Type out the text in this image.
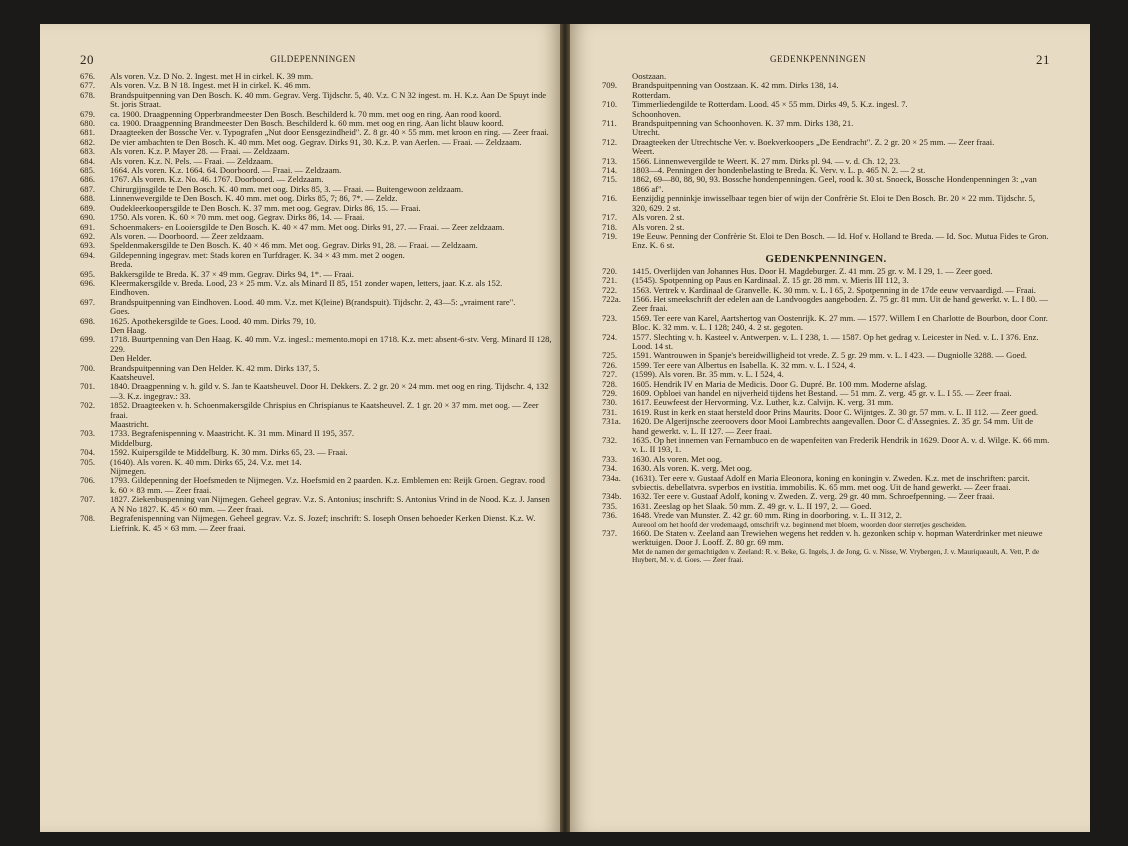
20	GILDEPENNINGEN
676. Als voren. V.z. D No. 2. Ingest. met H in cirkel. K. 39 mm.
677. Als voren. V.z. B N 18. Ingest. met H in cirkel. K. 46 mm.
678. Brandspuitpenning van Den Bosch. K. 40 mm. Gegrav. Verg. Tijdschr. 5, 40. V.z. C N 32 ingest. m. H. K.z. Aan De Spuyt inde St. joris Straat.
679. ca. 1900. Draagpenning Opperbrandmeester Den Bosch. Beschilderd k. 70 mm. met oog en ring. Aan rood koord.
680. ca. 1900. Draagpenning Brandmeester Den Bosch. Beschilderd k. 60 mm. met oog en ring. Aan licht blauw koord.
681. Draagteeken der Bossche Ver. v. Typografen „Nut door Eensgezindheid". Z. 8 gr. 40 × 55 mm. met kroon en ring. — Zeer fraai.
682. De vier ambachten te Den Bosch. K. 40 mm. Met oog. Gegrav. Dirks 91, 30. K.z. P. van Aerlen. — Fraai. — Zeldzaam.
683. Als voren. K.z. P. Mayer 28. — Fraai. — Zeldzaam.
684. Als voren. K.z. N. Pels. — Fraai. — Zeldzaam.
685. 1664. Als voren. K.z. 1664. 64. Doorboord. — Fraai. — Zeldzaam.
686. 1767. Als voren. K.z. No. 46. 1767. Doorboord. — Zeldzaam.
687. Chirurgijnsgilde te Den Bosch. K. 40 mm. met oog. Dirks 85, 3. — Fraai. — Buitengewoon zeldzaam.
688. Linnenwevergilde te Den Bosch. K. 40 mm. met oog. Dirks 85, 7; 86, 7*. — Zeldz.
689. Oudekleerkoopersgilde te Den Bosch. K. 37 mm. met oog. Gegrav. Dirks 86, 15. — Fraai.
690. 1750. Als voren. K. 60 × 70 mm. met oog. Gegrav. Dirks 86, 14. — Fraai.
691. Schoenmakers- en Looiersgilde te Den Bosch. K. 40 × 47 mm. Met oog. Dirks 91, 27. — Fraai. — Zeer zeldzaam.
692. Als voren. — Doorboord. — Zeer zeldzaam.
693. Speldenmakersgilde te Den Bosch. K. 40 × 46 mm. Met oog. Gegrav. Dirks 91, 28. — Fraai. — Zeldzaam.
694. Gildepenning ingegrav. met: Stads koren en Turfdrager. K. 34 × 43 mm. met 2 oogen.
Breda.
695. Bakkersgilde te Breda. K. 37 × 49 mm. Gegrav. Dirks 94, 1*. — Fraai.
696. Kleermakersgilde v. Breda. Lood, 23 × 25 mm. V.z. als Minard II 85, 151 zonder wapen, letters, jaar. K.z. als 152.
Eindhoven.
697. Brandspuitpenning van Eindhoven. Lood. 40 mm. V.z. met K(leine) B(randspuit). Tijdschr. 2, 43—5: „vraiment rare".
Goes.
698. 1625. Apothekersgilde te Goes. Lood. 40 mm. Dirks 79, 10.
Den Haag.
699. 1718. Buurtpenning van Den Haag. K. 40 mm. V.z. ingesl.: memento.mopi en 1718. K.z. met: absent-6-stv. Verg. Minard II 128, 229.
Den Helder.
700. Brandspuitpenning van Den Helder. K. 42 mm. Dirks 137, 5.
Kaatsheuvel.
701. 1840. Draagpenning v. h. gild v. S. Jan te Kaatsheuvel. Door H. Dekkers. Z. 2 gr. 20 × 24 mm. met oog en ring. Tijdschr. 4, 132—3. K.z. ingegrav.: 33.
702. 1852. Draagteeken v. h. Schoenmakersgilde Chrispius en Chrispianus te Kaatsheuvel. Z. 1 gr. 20 × 37 mm. met oog. — Zeer fraai.
Maastricht.
703. 1733. Begrafenispenning v. Maastricht. K. 31 mm. Minard II 195, 357.
Middelburg.
704. 1592. Kuipersgilde te Middelburg. K. 30 mm. Dirks 65, 23. — Fraai.
705. (1640). Als voren. K. 40 mm. Dirks 65, 24. V.z. met 14.
Nijmegen.
706. 1793. Gildepenning der Hoefsmeden te Nijmegen. V.z. Hoefsmid en 2 paarden. K.z. Emblemen en: Reijk Groen. Gegrav. rood k. 60 × 83 mm. — Zeer fraai.
707. 1827. Ziekenbuspenning van Nijmegen. Geheel gegrav. V.z. S. Antonius; inschrift: S. Antonius Vrind in de Nood. K.z. J. Jansen A N No 1827. K. 45 × 60 mm. — Zeer fraai.
708. Begrafenispenning van Nijmegen. Geheel gegrav. V.z. S. Jozef; inschrift: S. Ioseph Onsen behoeder Kerken Dienst. K.z. W. Liefrink. K. 45 × 63 mm. — Zeer fraai.
GEDENKPENNINGEN	21
Oostzaan.
709. Brandspuitpenning van Oostzaan. K. 42 mm. Dirks 138, 14.
Rotterdam.
710. Timmerliedengilde te Rotterdam. Lood. 45 × 55 mm. Dirks 49, 5. K.z. ingesl. 7.
Schoonhoven.
711. Brandspuitpenning van Schoonhoven. K. 37 mm. Dirks 138, 21.
Utrecht.
712. Draagteeken der Utrechtsche Ver. v. Boekverkoopers „De Eendracht". Z. 2 gr. 20 × 25 mm. — Zeer fraai.
Weert.
713. 1566. Linnenwevergilde te Weert. K. 27 mm. Dirks pl. 94. — v. d. Ch. 12, 23.
714. 1803—4. Penningen der hondenbelasting te Breda. K. Verv. v. L. p. 465 N. 2. — 2 st.
715. 1862, 69—80, 88, 90, 93. Bossche hondenpenningen. Geel, rood k. 30 st. Snoeck, Bossche Hondenpenningen 3: „van 1866 af".
716. Eenzijdig penninkje inwisselbaar tegen bier of wijn der Confrèrie St. Eloi te Den Bosch. Br. 20 × 22 mm. Tijdschr. 5, 320, 629. 2 st.
717. Als voren. 2 st.
718. Als voren. 2 st.
719. 19e Eeuw. Penning der Confrèrie St. Eloi te Den Bosch. — Id. Hof v. Holland te Breda. — Id. Soc. Mutua Fides te Gron. Enz. K. 6 st.
GEDENKPENNINGEN.
720. 1415. Overlijden van Johannes Hus. Door H. Magdeburger. Z. 41 mm. 25 gr. v. M. I 29, 1. — Zeer goed.
721. (1545). Spotpenning op Paus en Kardinaal. Z. 15 gr. 28 mm. v. Mieris III 112, 3.
722. 1563. Vertrek v. Kardinaal de Granvelle. K. 30 mm. v. L. I 65, 2. Spotpenning in de 17de eeuw vervaardigd. — Fraai.
722a. 1566. Het smeekschrift der edelen aan de Landvoogdes aangeboden. Z. 75 gr. 81 mm. Uit de hand gewerkt. v. L. I 80. — Zeer fraai.
723. 1569. Ter eere van Karel, Aartshertog van Oostenrijk. K. 27 mm. — 1577. Willem I en Charlotte de Bourbon, door Conr. Bloc. K. 32 mm. v. L. I 128; 240, 4. 2 st. gegoten.
724. 1577. Slechting v. h. Kasteel v. Antwerpen. v. L. I 238, 1. — 1587. Op het gedrag v. Leicester in Ned. v. L. I 376. Enz. Lood. 14 st.
725. 1591. Wantrouwen in Spanje's bereidwilligheid tot vrede. Z. 5 gr. 29 mm. v. L. I 423. — Dugniolle 3288. — Goed.
726. 1599. Ter eere van Albertus en Isabella. K. 32 mm. v. L. I 524, 4.
727. (1599). Als voren. Br. 35 mm. v. L. I 524, 4.
728. 1605. Hendrik IV en Maria de Medicis. Door G. Dupré. Br. 100 mm. Moderne afslag.
729. 1609. Opbloei van handel en nijverheid tijdens het Bestand. — 51 mm. Z. verg. 45 gr. v. L. I 55. — Zeer fraai.
730. 1617. Eeuwfeest der Hervorming. V.z. Luther, k.z. Calvijn. K. verg. 31 mm.
731. 1619. Rust in kerk en staat hersteld door Prins Maurits. Door C. Wijntges. Z. 30 gr. 57 mm. v. L. II 112. — Zeer goed.
731a. 1620. De Algerijnsche zeeroovers door Mooi Lambrechts aangevallen. Door C. d'Assegnies. Z. 35 gr. 54 mm. Uit de hand gewerkt. v. L. II 127. — Zeer fraai.
732. 1635. Op het innemen van Fernambuco en de wapenfeiten van Frederik Hendrik in 1629. Door A. v. d. Wilge. K. 66 mm. v. L. II 193, 1.
733. 1630. Als voren. Met oog.
734. 1630. Als voren. K. verg. Met oog.
734a. (1631). Ter eere v. Gustaaf Adolf en Maria Eleonora, koning en koningin v. Zweden. K.z. met de inschriften: parcit. svbiectis. debellatvra. svperbos en ivstitia. immobilis. K. 65 mm. met oog. Uit de hand gewerkt. — Zeer fraai.
734b. 1632. Ter eere v. Gustaaf Adolf, koning v. Zweden. Z. verg. 29 gr. 40 mm. Schroefpenning. — Zeer fraai.
735. 1631. Zeeslag op het Slaak. 50 mm. Z. 49 gr. v. L. II 197, 2. — Goed.
736. 1648. Vrede van Munster. Z. 42 gr. 60 mm. Ring in doorboring. v. L. II 312, 2.
Aureool om het hoofd der vredemaagd, omschrift v.z. beginnend met bloem, woorden door sterretjes gescheiden.
737. 1660. De Staten v. Zeeland aan Trewiehen wegens het redden v. h. gezonken schip v. hopman Waterdrinker met nieuwe werktuigen. Door J. Looff. Z. 80 gr. 69 mm.
Met de namen der gemachtigden v. Zeeland: R. v. Beke, G. Ingels, J. de Jong, G. v. Nisse, W. Vrybergen, J. v. Mauriqueault, A. Vett, P. de Huybert, M. v. d. Goes. — Zeer fraai.
